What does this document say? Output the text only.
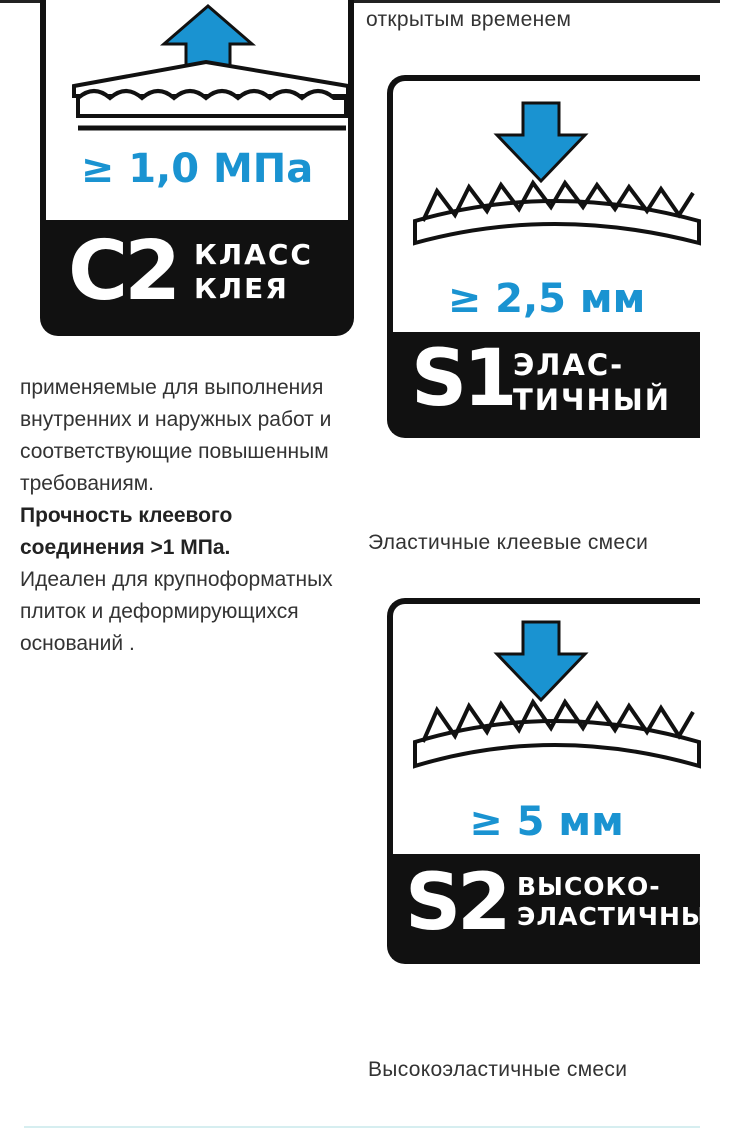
≥ 1,0 МПа
C2 КЛАСС
КЛЕЯ
открытым временем
≥ 2,5 мм
S1 ЭЛАС-
ТИЧНЫЙ

применяемые для выполнения внутренних и наружных работ и соответствующие повышенным требованиям.

Прочность клеевого соединения >1 МПа.

Идеален для крупноформатных плиток и деформирующихся оснований .

Эластичные клеевые смеси
≥ 5 мм
S2 ВЫСОКО-
ЭЛАСТИЧНЫЙ
Высокоэластичные смеси
